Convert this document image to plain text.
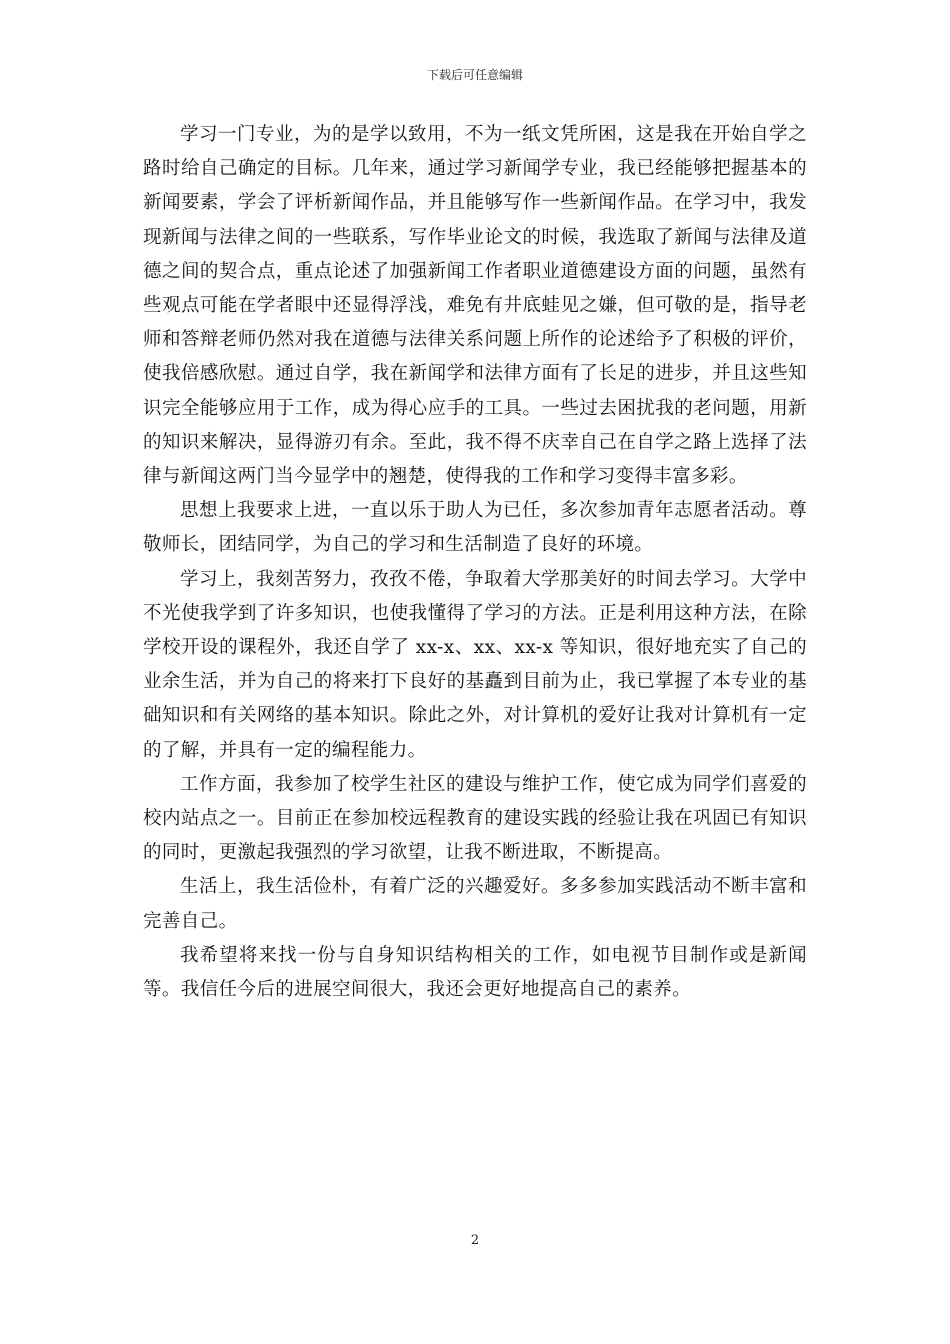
下载后可任意编辑

学习一门专业，为的是学以致用，不为一纸文凭所困，这是我在开始自学之路时给自己确定的目标。几年来，通过学习新闻学专业，我已经能够把握基本的新闻要素，学会了评析新闻作品，并且能够写作一些新闻作品。在学习中，我发现新闻与法律之间的一些联系，写作毕业论文的时候，我选取了新闻与法律及道德之间的契合点，重点论述了加强新闻工作者职业道德建设方面的问题，虽然有些观点可能在学者眼中还显得浮浅，难免有井底蛙见之嫌，但可敬的是，指导老师和答辩老师仍然对我在道德与法律关系问题上所作的论述给予了积极的评价，使我倍感欣慰。通过自学，我在新闻学和法律方面有了长足的进步，并且这些知识完全能够应用于工作，成为得心应手的工具。一些过去困扰我的老问题，用新的知识来解决，显得游刃有余。至此，我不得不庆幸自己在自学之路上选择了法律与新闻这两门当今显学中的翘楚，使得我的工作和学习变得丰富多彩。

思想上我要求上进，一直以乐于助人为已任，多次参加青年志愿者活动。尊敬师长，团结同学，为自己的学习和生活制造了良好的环境。

学习上，我刻苦努力，孜孜不倦，争取着大学那美好的时间去学习。大学中不光使我学到了许多知识，也使我懂得了学习的方法。正是利用这种方法，在除学校开设的课程外，我还自学了 xx-x、xx、xx-x 等知识，很好地充实了自己的业余生活，并为自己的将来打下良好的基矗到目前为止，我已掌握了本专业的基础知识和有关网络的基本知识。除此之外，对计算机的爱好让我对计算机有一定的了解，并具有一定的编程能力。

工作方面，我参加了校学生社区的建设与维护工作，使它成为同学们喜爱的校内站点之一。目前正在参加校远程教育的建设实践的经验让我在巩固已有知识的同时，更激起我强烈的学习欲望，让我不断进取，不断提高。

生活上，我生活俭朴，有着广泛的兴趣爱好。多多参加实践活动不断丰富和完善自己。

我希望将来找一份与自身知识结构相关的工作，如电视节目制作或是新闻等。我信任今后的进展空间很大，我还会更好地提高自己的素养。

2
